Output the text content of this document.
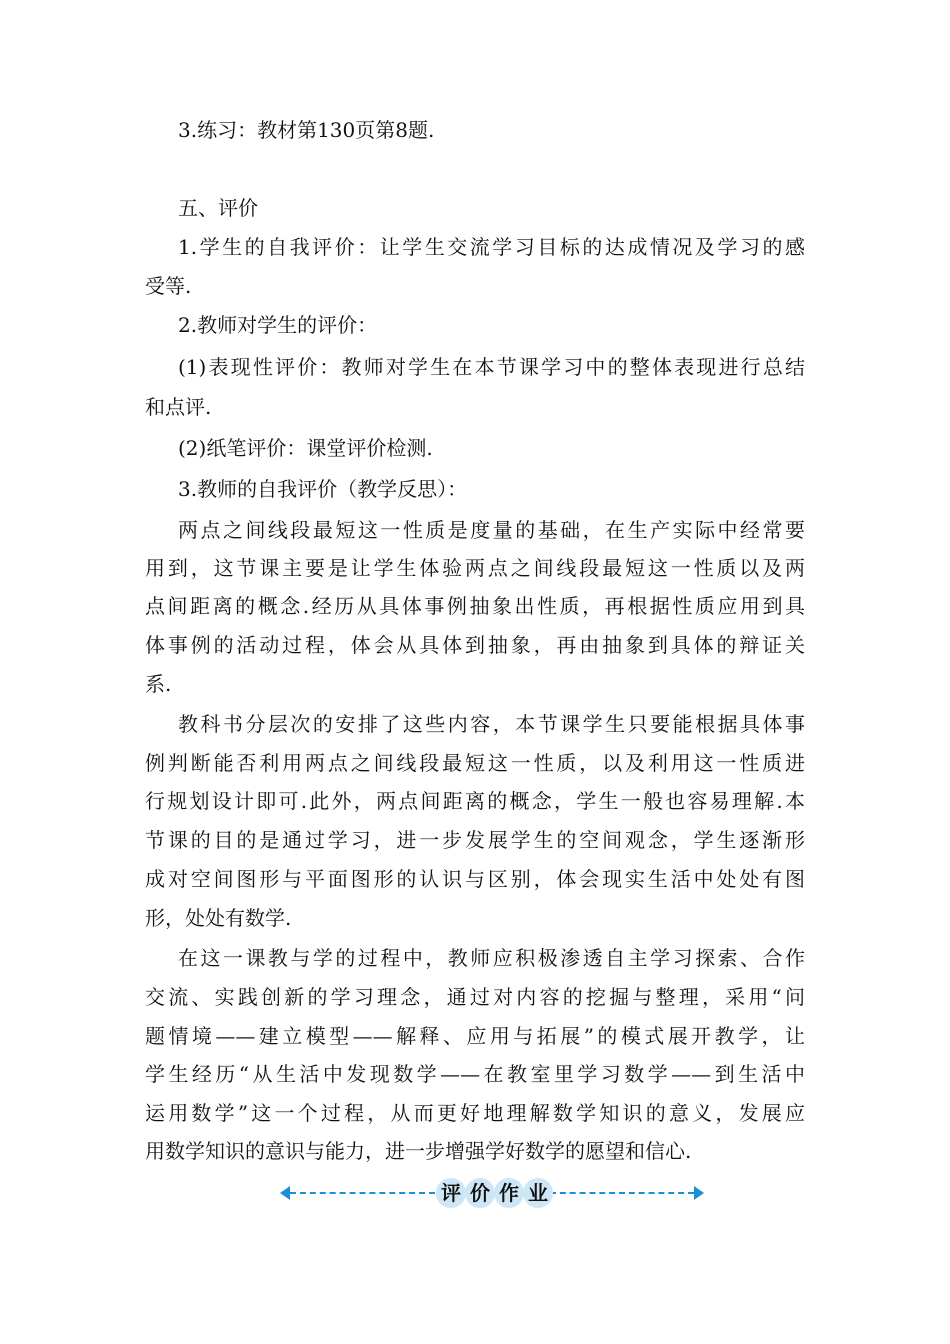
3.练习：教材第130页第8题.
五、评价
1.学生的自我评价：让学生交流学习目标的达成情况及学习的感
受等.
2.教师对学生的评价：
(1)表现性评价：教师对学生在本节课学习中的整体表现进行总结
和点评.
(2)纸笔评价：课堂评价检测.
3.教师的自我评价（教学反思）：
两点之间线段最短这一性质是度量的基础，在生产实际中经常要
用到，这节课主要是让学生体验两点之间线段最短这一性质以及两
点间距离的概念.经历从具体事例抽象出性质，再根据性质应用到具
体事例的活动过程，体会从具体到抽象，再由抽象到具体的辩证关
系.
教科书分层次的安排了这些内容，本节课学生只要能根据具体事
例判断能否利用两点之间线段最短这一性质，以及利用这一性质进
行规划设计即可.此外，两点间距离的概念，学生一般也容易理解.本
节课的目的是通过学习，进一步发展学生的空间观念，学生逐渐形
成对空间图形与平面图形的认识与区别，体会现实生活中处处有图
形，处处有数学.
在这一课教与学的过程中，教师应积极渗透自主学习探索、合作
交流、实践创新的学习理念，通过对内容的挖掘与整理，采用“问
题情境——建立模型——解释、应用与拓展”的模式展开教学，让
学生经历“从生活中发现数学——在教室里学习数学——到生活中
运用数学”这一个过程，从而更好地理解数学知识的意义，发展应
用数学知识的意识与能力，进一步增强学好数学的愿望和信心.
评 价 作 业
